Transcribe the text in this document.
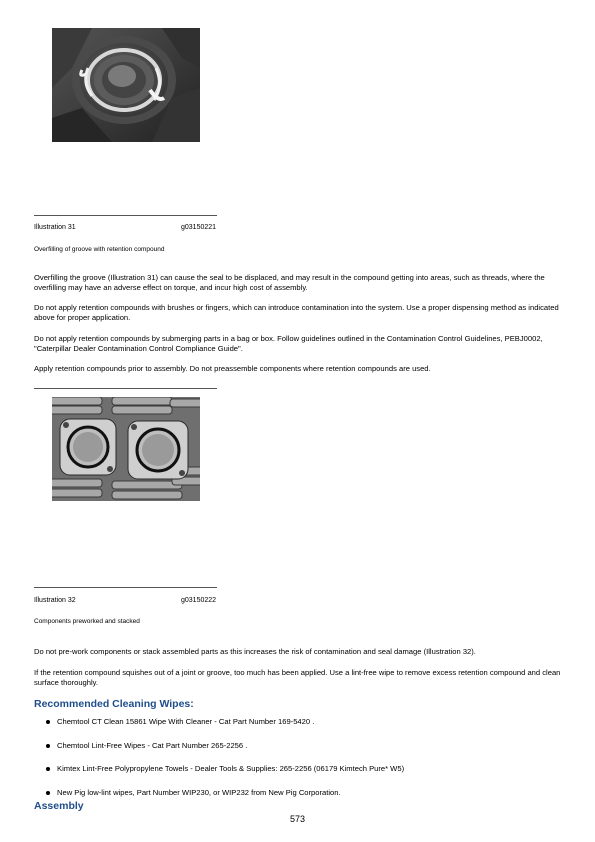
Illustration 31	g03150221
Overfilling of groove with retention compound
Overfilling the groove (Illustration 31) can cause the seal to be displaced, and may result in the compound getting into areas, such as threads, where the overfilling may have an adverse effect on torque, and incur high cost of assembly.
Do not apply retention compounds with brushes or fingers, which can introduce contamination into the system. Use a proper dispensing method as indicated above for proper application.
Do not apply retention compounds by submerging parts in a bag or box. Follow guidelines outlined in the Contamination Control Guidelines, PEBJ0002, "Caterpillar Dealer Contamination Control Compliance Guide".
Apply retention compounds prior to assembly. Do not preassemble components where retention compounds are used.
Illustration 32	g03150222
Components preworked and stacked
Do not pre-work components or stack assembled parts as this increases the risk of contamination and seal damage (Illustration 32).
If the retention compound squishes out of a joint or groove, too much has been applied. Use a lint-free wipe to remove excess retention compound and clean surface thoroughly.
Recommended Cleaning Wipes:
Chemtool CT Clean 15861 Wipe With Cleaner - Cat Part Number 169-5420 .
Chemtool Lint-Free Wipes - Cat Part Number 265-2256 .
Kimtex Lint-Free Polypropylene Towels - Dealer Tools & Supplies: 265-2256 (06179 Kimtech Pure* W5)
New Pig low-lint wipes, Part Number WIP230, or WIP232 from New Pig Corporation.
Assembly
573
